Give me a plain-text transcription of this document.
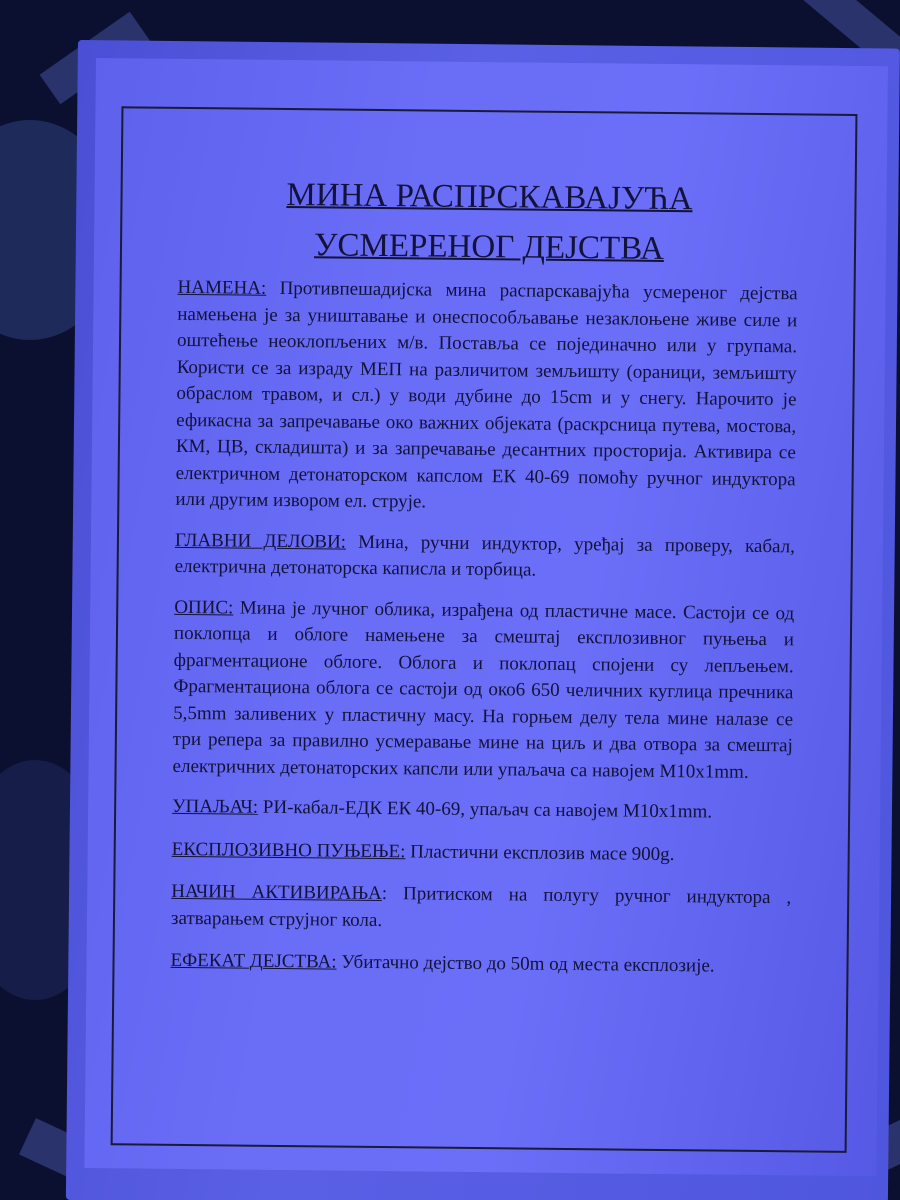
МИНА РАСПРСКАВАЈУЋА
УСМЕРЕНОГ ДЕЈСТВА

НАМЕНА: Противпешадијска мина распарскавајућа усмереног дејства намењена је за уништавање и онеспособљавање незаклоњене живе силе и оштећење неоклопљених м/в. Поставља се појединачно или у групама. Користи се за израду МЕП на различитом земљишту (ораници, земљишту обраслом травом, и сл.) у води дубине до 15cm и у снегу. Нарочито је ефикасна за запречавање око важних објеката (раскрсница путева, мостова, КМ, ЦВ, складишта) и за запречавање десантних просторија. Активира се електричном детонаторском капслом ЕК 40-69 помоћу ручног индуктора или другим извором ел. струје.

ГЛАВНИ ДЕЛОВИ: Мина, ручни индуктор, уређај за проверу, кабал, електрична детонаторска каписла и торбица.

ОПИС: Мина је лучног облика, израђена од пластичне масе. Састоји се од поклопца и облоге намењене за смештај експлозивног пуњења и фрагментационе облоге. Облога и поклопац спојени су лепљењем. Фрагментациона облога се састоји од око6 650 челичних куглица пречника 5,5mm заливених у пластичну масу. На горњем делу тела мине налазе се три репера за правилно усмеравање мине на циљ и два отвора за смештај електричних детонаторских капсли или упаљача са навојем M10x1mm.

УПАЉАЧ: РИ-кабал-ЕДК ЕК 40-69, упаљач са навојем M10x1mm.

ЕКСПЛОЗИВНО ПУЊЕЊЕ: Пластични експлозив масе 900g.

НАЧИН АКТИВИРАЊА: Притиском на полугу ручног индуктора , затварањем струјног кола.

ЕФЕКАТ ДЕЈСТВА: Убитачно дејство до 50m од места експлозије.
